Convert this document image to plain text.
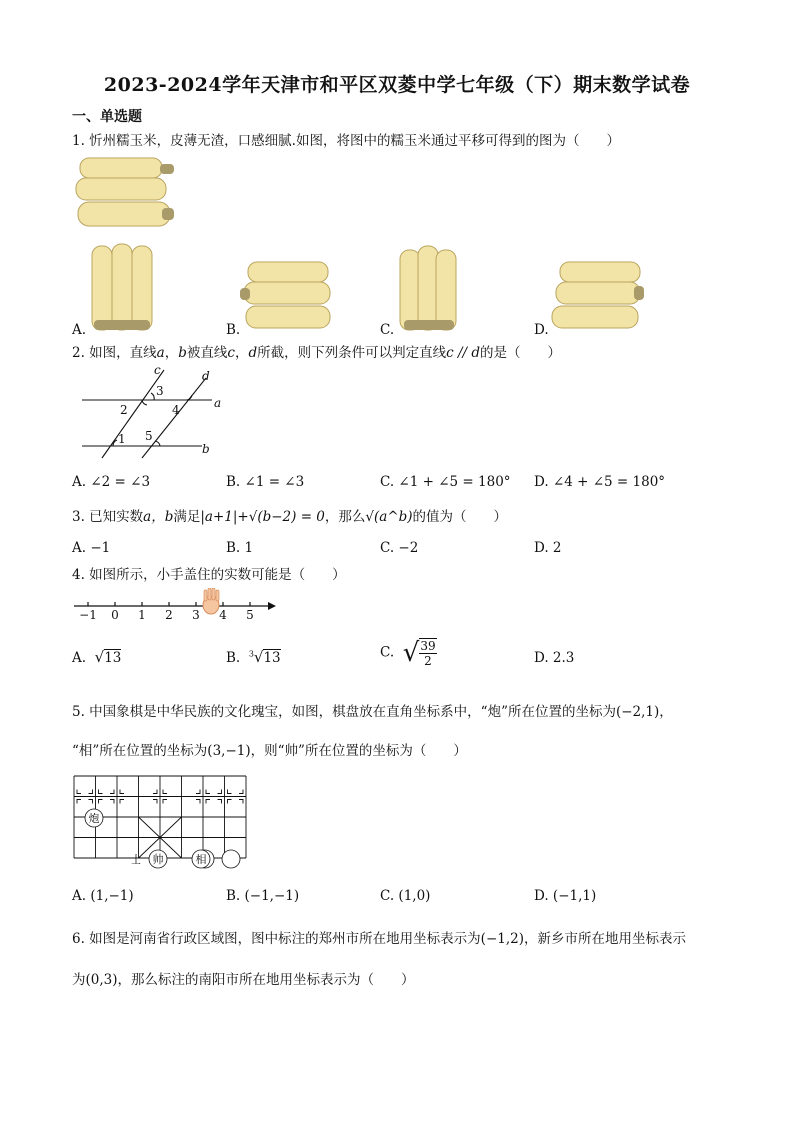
2023-2024学年天津市和平区双菱中学七年级（下）期末数学试卷
一、单选题
1. 忻州糯玉米，皮薄无渣，口感细腻.如图，将图中的糯玉米通过平移可得到的图为（　　）
A.	B.	C.	D.
2. 如图，直线a，b被直线c，d所截，则下列条件可以判定直线c // d的是（　　）
c	d
a
b
3
2	4
1 5
A. ∠2 = ∠3	B. ∠1 = ∠3	C. ∠1 + ∠5 = 180° D. ∠4 + ∠5 = 180°
3. 已知实数a，b满足|a+1|+√(b−2) = 0，那么√(a^b)的值为（　　）
A. −1	B. 1	C. −2	D. 2
4. 如图所示，小手盖住的实数可能是（　　）
−1 0 1 2 3 4 5
A. √13	B. $^3$√13	C. √ $\frac{39}{2}$	D. 2.3
5. 中国象棋是中华民族的文化瑰宝，如图，棋盘放在直角坐标系中，“炮”所在位置的坐标为(−2,1)，
“相”所在位置的坐标为(3,−1)，则“帅”所在位置的坐标为（　　）
炮
士 帅	相
A. (1,−1)	B. (−1,−1)	C. (1,0)	D. (−1,1)
6. 如图是河南省行政区域图，图中标注的郑州市所在地用坐标表示为(−1,2)，新乡市所在地用坐标表示
为(0,3)，那么标注的南阳市所在地用坐标表示为（　　）
